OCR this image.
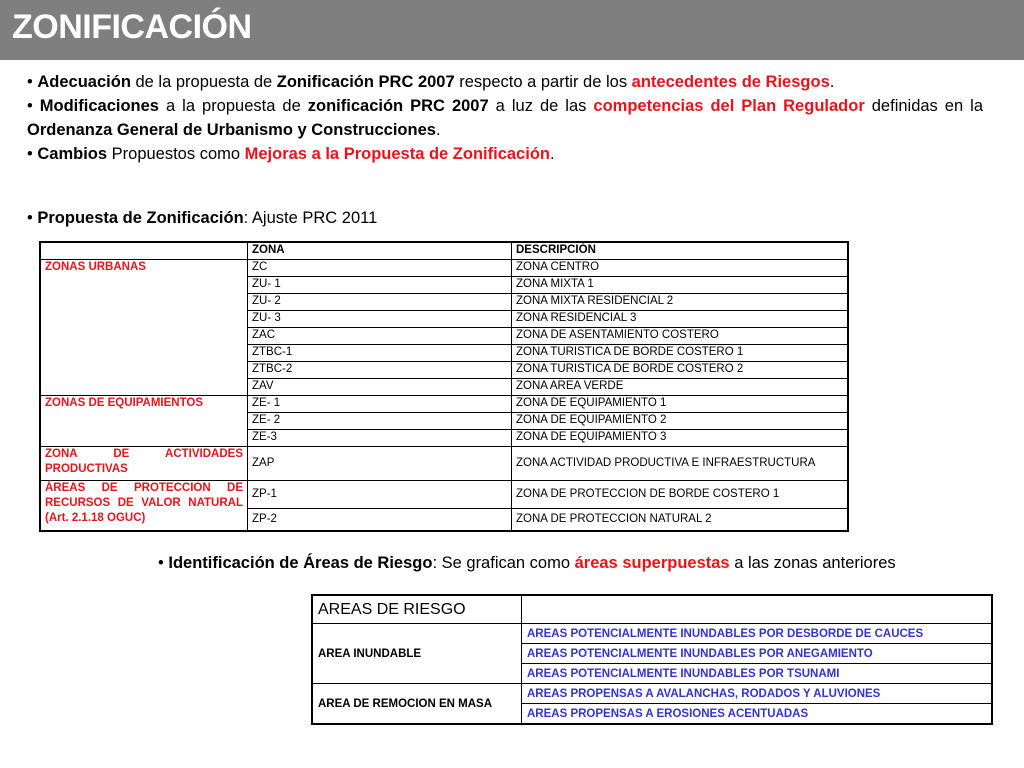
ZONIFICACIÓN

• Adecuación de la propuesta de Zonificación PRC 2007 respecto a partir de los antecedentes de Riesgos.

• Modificaciones a la propuesta de zonificación PRC 2007 a luz de las competencias del Plan Regulador definidas en la Ordenanza General de Urbanismo y Construcciones.

• Cambios Propuestos como Mejoras a la Propuesta de Zonificación.

• Propuesta de Zonificación: Ajuste PRC 2011
	ZONA	DESCRIPCIÓN
ZONAS URBANAS	ZC	ZONA CENTRO
	ZU- 1	ZONA MIXTA 1
	ZU- 2	ZONA MIXTA RESIDENCIAL 2
	ZU- 3	ZONA RESIDENCIAL 3
	ZAC	ZONA DE ASENTAMIENTO COSTERO
	ZTBC-1	ZONA TURISTICA DE BORDE COSTERO 1
	ZTBC-2	ZONA TURISTICA DE BORDE COSTERO 2
	ZAV	ZONA AREA VERDE
ZONAS DE EQUIPAMIENTOS	ZE- 1	ZONA DE EQUIPAMIENTO 1
	ZE- 2	ZONA DE EQUIPAMIENTO 2
	ZE-3	ZONA DE EQUIPAMIENTO 3
ZONA DE ACTIVIDADES PRODUCTIVAS	ZAP	ZONA ACTIVIDAD PRODUCTIVA E INFRAESTRUCTURA
ÁREAS DE PROTECCION DE RECURSOS DE VALOR NATURAL (Art. 2.1.18 OGUC)	ZP-1	ZONA DE PROTECCION DE BORDE COSTERO 1
	ZP-2	ZONA DE PROTECCION NATURAL 2
• Identificación de Áreas de Riesgo: Se grafican como áreas superpuestas a las zonas anteriores
AREAS DE RIESGO	
AREA INUNDABLE	AREAS POTENCIALMENTE INUNDABLES POR DESBORDE DE CAUCES
	AREAS POTENCIALMENTE INUNDABLES POR ANEGAMIENTO
	AREAS POTENCIALMENTE INUNDABLES POR TSUNAMI
AREA DE REMOCION EN MASA	AREAS PROPENSAS A AVALANCHAS, RODADOS Y ALUVIONES
	AREAS PROPENSAS A EROSIONES ACENTUADAS
